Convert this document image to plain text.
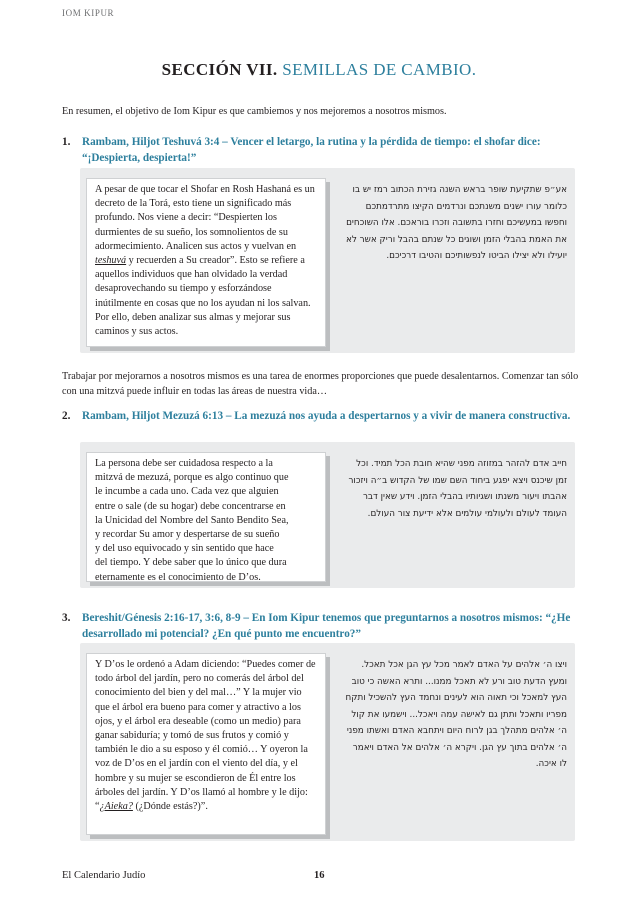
IOM KIPUR
SECCIÓN VII. SEMILLAS DE CAMBIO.
En resumen, el objetivo de Iom Kipur es que cambiemos y nos mejoremos a nosotros mismos.
1.	Rambam, Hiljot Teshuvá 3:4 – Vencer el letargo, la rutina y la pérdida de tiempo: el shofar dice: “¡Despierta, despierta!”

A pesar de que tocar el Shofar en Rosh Hashaná es un decreto de la Torá, esto tiene un significado más profundo. Nos viene a decir: “Despierten los durmientes de su sueño, los somnolientos de su adormecimiento. Analicen sus actos y vuelvan en teshuvá y recuerden a Su creador”. Esto se refiere a aquellos individuos que han olvidado la verdad desaprovechando su tiempo y esforzándose inútilmente en cosas que no los ayudan ni los salvan. Por ello, deben analizar sus almas y mejorar sus caminos y sus actos.

אע״פ שתקיעת שופר בראש השנה גזירת הכתוב רמז יש בו כלומר עורו ישנים משנתכם ונרדמים הקיצו מתרדמתכם וחפשו במעשיכם וחזרו בתשובה וזכרו בוראכם. אלו השוכחים את האמת בהבלי הזמן ושוגים כל שנתם בהבל וריק אשר לא יועילו ולא יצילו הביטו לנפשותיכם והטיבו דרכיכם.
Trabajar por mejorarnos a nosotros mismos es una tarea de enormes proporciones que puede desalentarnos. Comenzar tan sólo con una mitzvá puede influir en todas las áreas de nuestra vida…
2.	Rambam, Hiljot Mezuzá 6:13 – La mezuzá nos ayuda a despertarnos y a vivir de manera constructiva.

La persona debe ser cuidadosa respecto a la
mitzvá de mezuzá, porque es algo continuo que
le incumbe a cada uno. Cada vez que alguien
entre o sale (de su hogar) debe concentrarse en
la Unicidad del Nombre del Santo Bendito Sea,
y recordar Su amor y despertarse de su sueño
y del uso equivocado y sin sentido que hace
del tiempo. Y debe saber que lo único que dura
eternamente es el conocimiento de D’os.

חייב אדם להזהר במזוזה מפני שהיא חובת הכל תמיד. וכל זמן שיכנס ויצא יפגע ביחוד השם שמו של הקדוש ב״ה ויזכור אהבתו ויעור משנתו ושגיותיו בהבלי הזמן. וידע שאין דבר העומד לעולם ולעולמי עולמים אלא ידיעת צור העולם.
3.	Bereshit/Génesis 2:16-17, 3:6, 8-9 – En Iom Kipur tenemos que preguntarnos a nosotros mismos: “¿He desarrollado mi potencial? ¿En qué punto me encuentro?”

Y D’os le ordenó a Adam diciendo: “Puedes comer de todo árbol del jardín, pero no comerás del árbol del conocimiento del bien y del mal…” Y la mujer vio que el árbol era bueno para comer y atractivo a los ojos, y el árbol era deseable (como un medio) para ganar sabiduría; y tomó de sus frutos y comió y también le dio a su esposo y él comió… Y oyeron la voz de D’os en el jardín con el viento del día, y el hombre y su mujer se escondieron de Él entre los árboles del jardín. Y D’os llamó al hombre y le dijo: “¿Aieka? (¿Dónde estás?)”.

ויצו ה׳ אלהים על האדם לאמר מכל עץ הגן אכל תאכל. ומעץ הדעת טוב ורע לא תאכל ממנו... ותרא האשה כי טוב העץ למאכל וכי תאוה הוא לעינים ונחמד העץ להשכיל ותקח מפריו ותאכל ותתן גם לאישה עמה ויאכל... וישמעו את קול ה׳ אלהים מתהלך בגן לרוח היום ויתחבא האדם ואשתו מפני ה׳ אלהים בתוך עץ הגן. ויקרא ה׳ אלהים אל האדם ויאמר לו איכה.
El Calendario Judío	16
